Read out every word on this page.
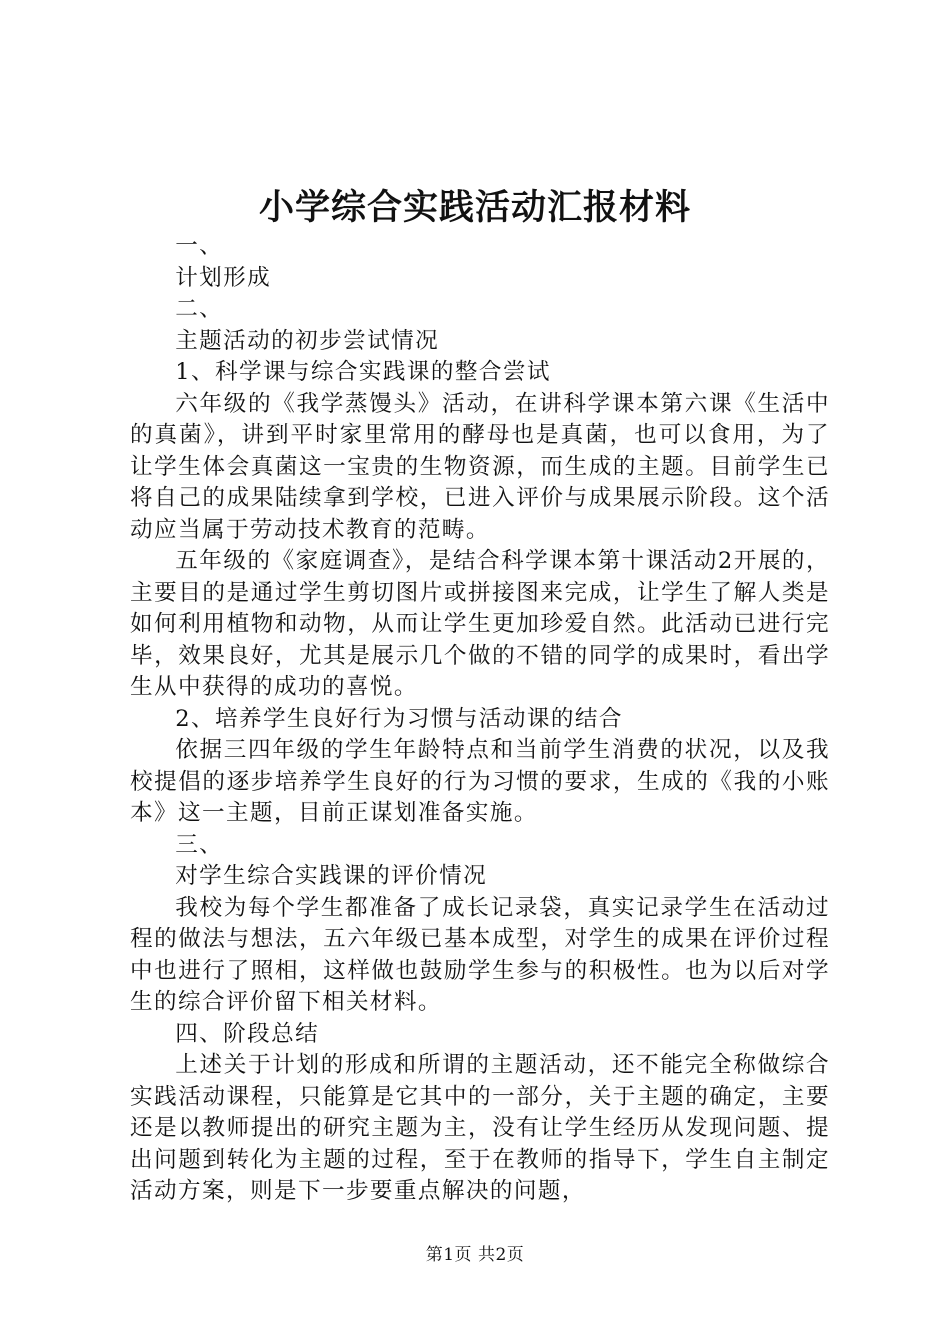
小学综合实践活动汇报材料

一、

计划形成

二、

主题活动的初步尝试情况

1、科学课与综合实践课的整合尝试

六年级的《我学蒸馒头》活动，在讲科学课本第六课《生活中的真菌》，讲到平时家里常用的酵母也是真菌，也可以食用，为了让学生体会真菌这一宝贵的生物资源，而生成的主题。目前学生已将自己的成果陆续拿到学校，已进入评价与成果展示阶段。这个活动应当属于劳动技术教育的范畴。

五年级的《家庭调查》，是结合科学课本第十课活动2开展的，主要目的是通过学生剪切图片或拼接图来完成，让学生了解人类是如何利用植物和动物，从而让学生更加珍爱自然。此活动已进行完毕，效果良好，尤其是展示几个做的不错的同学的成果时，看出学生从中获得的成功的喜悦。

2、培养学生良好行为习惯与活动课的结合

依据三四年级的学生年龄特点和当前学生消费的状况，以及我校提倡的逐步培养学生良好的行为习惯的要求，生成的《我的小账本》这一主题，目前正谋划准备实施。

三、

对学生综合实践课的评价情况

我校为每个学生都准备了成长记录袋，真实记录学生在活动过程的做法与想法，五六年级已基本成型，对学生的成果在评价过程中也进行了照相，这样做也鼓励学生参与的积极性。也为以后对学生的综合评价留下相关材料。

四、阶段总结

上述关于计划的形成和所谓的主题活动，还不能完全称做综合实践活动课程，只能算是它其中的一部分，关于主题的确定，主要还是以教师提出的研究主题为主，没有让学生经历从发现问题、提出问题到转化为主题的过程，至于在教师的指导下，学生自主制定活动方案，则是下一步要重点解决的问题，

第1页 共2页
